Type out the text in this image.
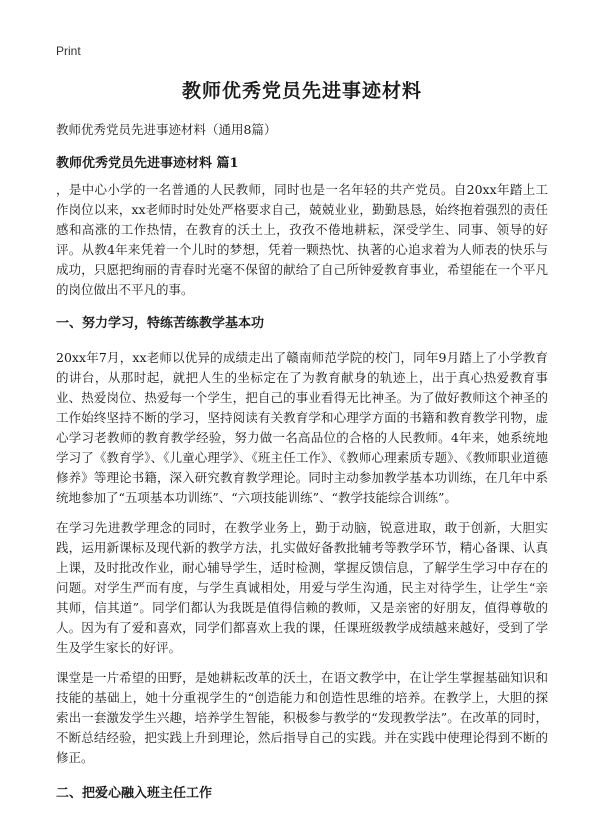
Print
教师优秀党员先进事迹材料

教师优秀党员先进事迹材料（通用8篇）

教师优秀党员先进事迹材料 篇1

，是中心小学的一名普通的人民教师，同时也是一名年轻的共产党员。自20xx年踏上工作岗位以来，xx老师时时处处严格要求自己，兢兢业业，勤勤恳恳，始终抱着强烈的责任感和高涨的工作热情，在教育的沃土上，孜孜不倦地耕耘，深受学生、同事、领导的好评。从教4年来凭着一个儿时的梦想，凭着一颗热忱、执著的心追求着为人师表的快乐与成功，只愿把绚丽的青春时光毫不保留的献给了自己所钟爱教育事业，希望能在一个平凡的岗位做出不平凡的事。

一、努力学习，特练苦练教学基本功

20xx年7月，xx老师以优异的成绩走出了赣南师范学院的校门，同年9月踏上了小学教育的讲台，从那时起，就把人生的坐标定在了为教育献身的轨迹上，出于真心热爱教育事业、热爱岗位、热爱每一个学生，把自己的事业看得无比神圣。为了做好教师这个神圣的工作始终坚持不断的学习，坚持阅读有关教育学和心理学方面的书籍和教育教学刊物，虚心学习老教师的教育教学经验，努力做一名高品位的合格的人民教师。4年来，她系统地学习了《教育学》、《儿童心理学》、《班主任工作》、《教师心理素质专题》、《教师职业道德修养》等理论书籍，深入研究教育教学理论。同时主动参加教学基本功训练，在几年中系统地参加了“五项基本功训练”、“六项技能训练”、“教学技能综合训练”。

在学习先进教学理念的同时，在教学业务上，勤于动脑，锐意进取，敢于创新，大胆实践，运用新课标及现代新的教学方法，扎实做好备教批辅考等教学环节，精心备课、认真上课，及时批改作业，耐心辅导学生，适时检测，掌握反馈信息，了解学生学习中存在的问题。对学生严而有度，与学生真诚相处，用爱与学生沟通，民主对待学生，让学生“亲其师，信其道”。同学们都认为我既是值得信赖的教师，又是亲密的好朋友，值得尊敬的人。因为有了爱和喜欢，同学们都喜欢上我的课，任课班级教学成绩越来越好，受到了学生及学生家长的好评。

课堂是一片希望的田野，是她耕耘改革的沃土，在语文教学中，在让学生掌握基础知识和技能的基础上，她十分重视学生的“创造能力和创造性思维的培养。在教学上，大胆的探索出一套激发学生兴趣，培养学生智能，积极参与教学的“发现教学法”。在改革的同时，不断总结经验，把实践上升到理论，然后指导自己的实践。并在实践中使理论得到不断的修正。

二、把爱心融入班主任工作
